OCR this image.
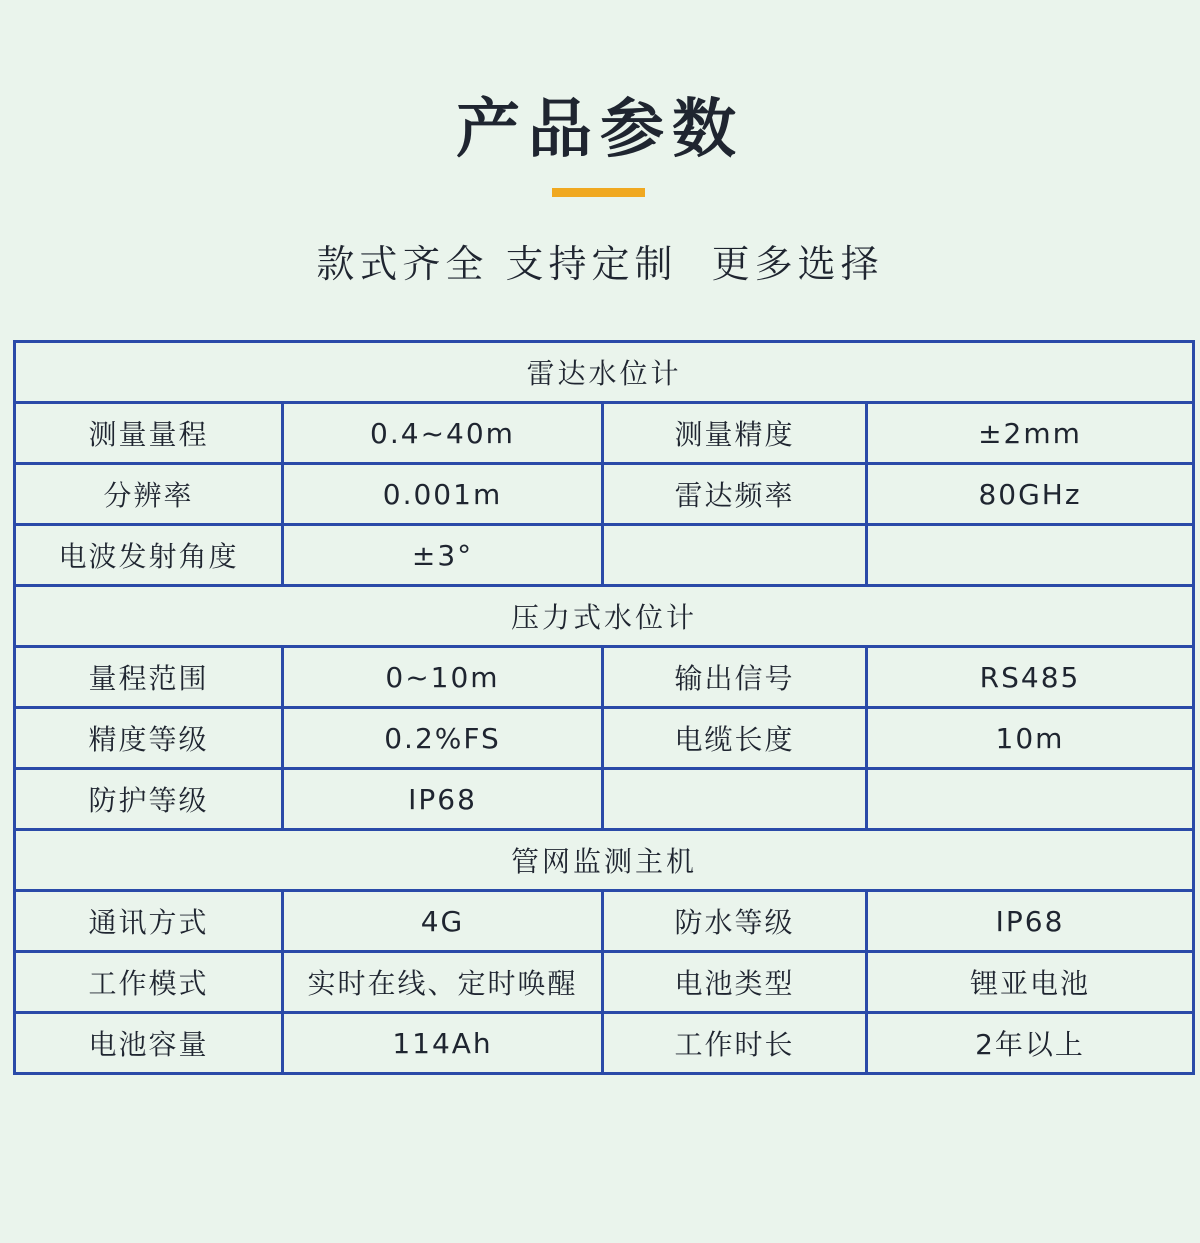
产品参数
款式齐全 支持定制  更多选择
雷达水位计			
测量量程	0.4~40m	测量精度	±2mm
分辨率	0.001m	雷达频率	80GHz
电波发射角度	±3°		
压力式水位计			
量程范围	0~10m	输出信号	RS485
精度等级	0.2%FS	电缆长度	10m
防护等级	IP68		
管网监测主机			
通讯方式	4G	防水等级	IP68
工作模式	实时在线、定时唤醒	电池类型	锂亚电池
电池容量	114Ah	工作时长	2年以上
